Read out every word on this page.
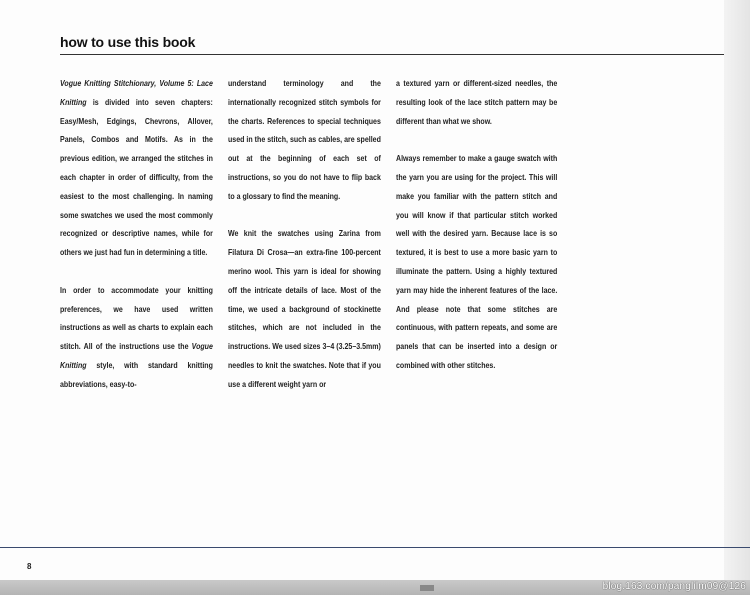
how to use this book

Vogue Knitting Stitchionary, Volume 5: Lace Knitting is divided into seven chapters: Easy/Mesh, Edgings, Chevrons, Allover, Panels, Combos and Motifs. As in the previous edition, we arranged the stitches in each chapter in order of difficulty, from the easiest to the most challenging. In naming some swatches we used the most commonly recognized or descriptive names, while for others we just had fun in determining a title.

In order to accommodate your knitting preferences, we have used written instructions as well as charts to explain each stitch. All of the instructions use the Vogue Knitting style, with standard knitting abbreviations, easy-to-

understand terminology and the internationally recognized stitch symbols for the charts. References to special techniques used in the stitch, such as cables, are spelled out at the beginning of each set of instructions, so you do not have to flip back to a glossary to find the meaning.

We knit the swatches using Zarina from Filatura Di Crosa—an extra-fine 100-percent merino wool. This yarn is ideal for showing off the intricate details of lace. Most of the time, we used a background of stockinette stitches, which are not included in the instructions. We used sizes 3–4 (3.25–3.5mm) needles to knit the swatches. Note that if you use a different weight yarn or

a textured yarn or different-sized needles, the resulting look of the lace stitch pattern may be different than what we show.

Always remember to make a gauge swatch with the yarn you are using for the project. This will make you familiar with the pattern stitch and you will know if that particular stitch worked well with the desired yarn. Because lace is so textured, it is best to use a more basic yarn to illuminate the pattern. Using a highly textured yarn may hide the inherent features of the lace. And please note that some stitches are continuous, with pattern repeats, and some are panels that can be inserted into a design or combined with other stitches.

8
blog.163.com/panglilm09@126
